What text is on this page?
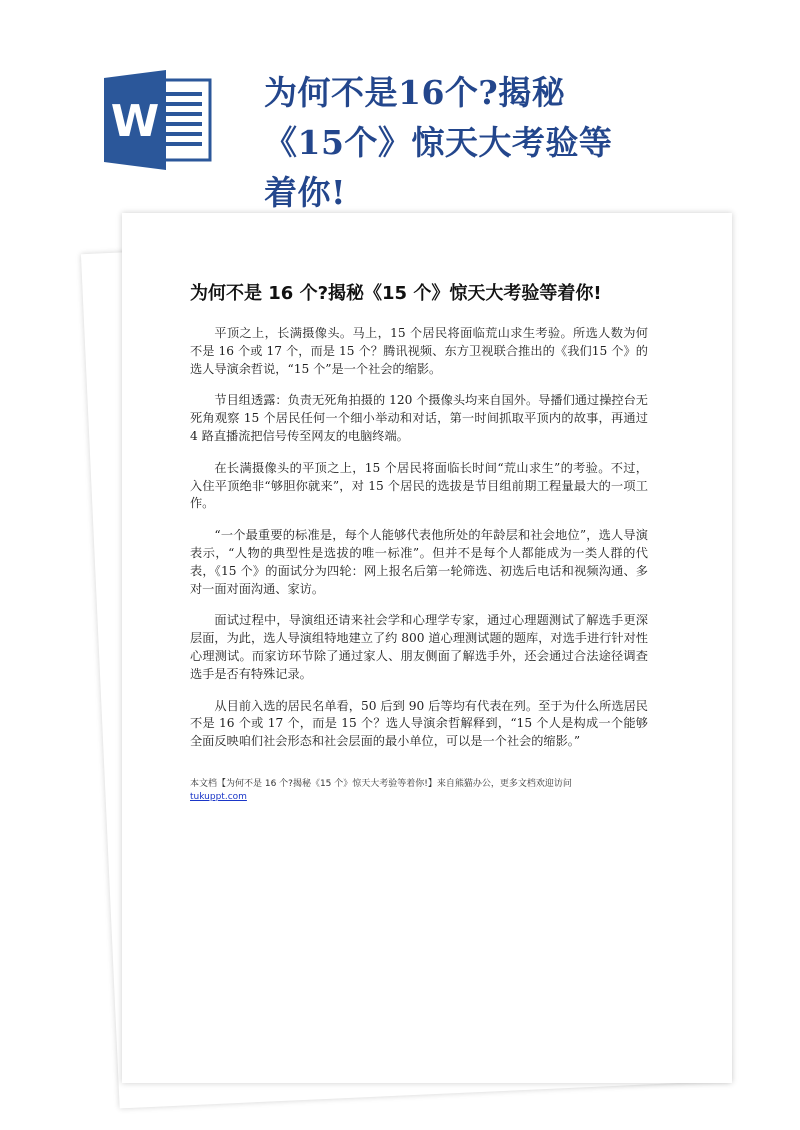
W
为何不是16个?揭秘《15个》惊天大考验等着你!
为何不是 16 个?揭秘《15 个》惊天大考验等着你!

平顶之上，长满摄像头。马上，15 个居民将面临荒山求生考验。所选人数为何不是 16 个或 17 个，而是 15 个？腾讯视频、东方卫视联合推出的《我们15 个》的选人导演余哲说，“15 个”是一个社会的缩影。

节目组透露：负责无死角拍摄的 120 个摄像头均来自国外。导播们通过操控台无死角观察 15 个居民任何一个细小举动和对话，第一时间抓取平顶内的故事，再通过 4 路直播流把信号传至网友的电脑终端。

在长满摄像头的平顶之上，15 个居民将面临长时间“荒山求生”的考验。不过，入住平顶绝非“够胆你就来”，对 15 个居民的选拔是节目组前期工程量最大的一项工作。

“一个最重要的标准是，每个人能够代表他所处的年龄层和社会地位”，选人导演表示，“人物的典型性是选拔的唯一标准”。但并不是每个人都能成为一类人群的代表，《15 个》的面试分为四轮：网上报名后第一轮筛选、初选后电话和视频沟通、多对一面对面沟通、家访。

面试过程中，导演组还请来社会学和心理学专家，通过心理题测试了解选手更深层面，为此，选人导演组特地建立了约 800 道心理测试题的题库，对选手进行针对性心理测试。而家访环节除了通过家人、朋友侧面了解选手外，还会通过合法途径调查选手是否有特殊记录。

从目前入选的居民名单看，50 后到 90 后等均有代表在列。至于为什么所选居民不是 16 个或 17 个，而是 15 个？选人导演余哲解释到，“15 个人是构成一个能够全面反映咱们社会形态和社会层面的最小单位，可以是一个社会的缩影。”

本文档【为何不是 16 个?揭秘《15 个》惊天大考验等着你!】来自熊猫办公，更多文档欢迎访问
tukuppt.com
